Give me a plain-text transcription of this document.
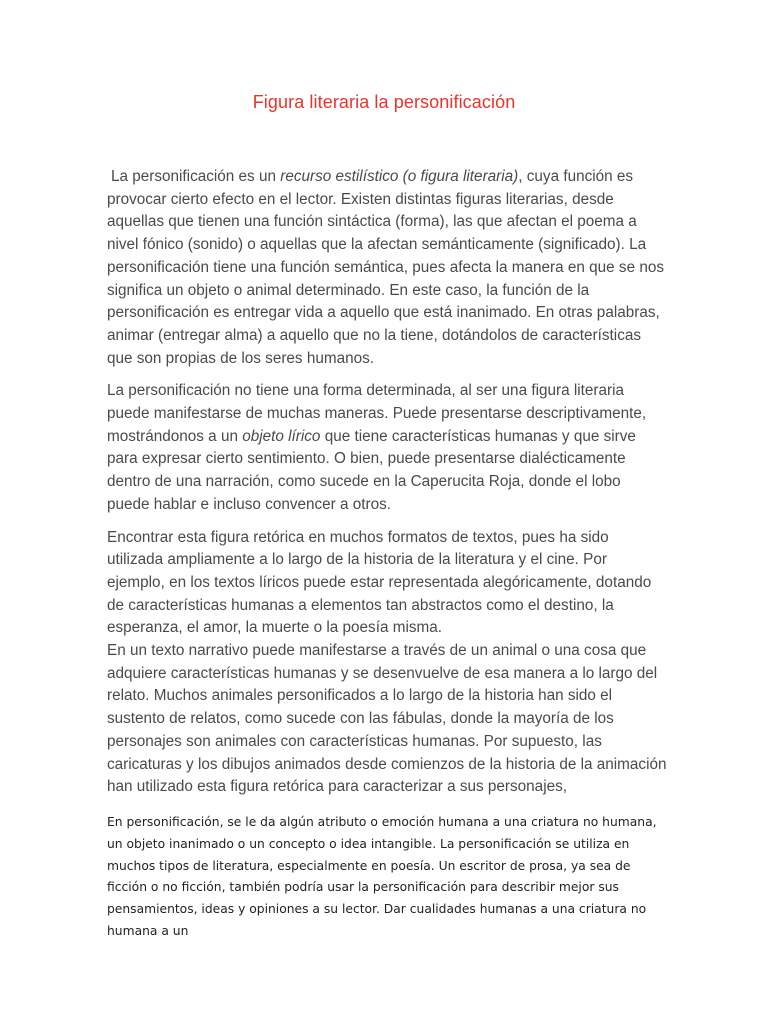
Figura literaria la personificación

La personificación es un recurso estilístico (o figura literaria), cuya función es provocar cierto efecto en el lector. Existen distintas figuras literarias, desde aquellas que tienen una función sintáctica (forma), las que afectan el poema a nivel fónico (sonido) o aquellas que la afectan semánticamente (significado). La personificación tiene una función semántica, pues afecta la manera en que se nos significa un objeto o animal determinado. En este caso, la función de la personificación es entregar vida a aquello que está inanimado. En otras palabras, animar (entregar alma) a aquello que no la tiene, dotándolos de características que son propias de los seres humanos.

La personificación no tiene una forma determinada, al ser una figura literaria puede manifestarse de muchas maneras. Puede presentarse descriptivamente, mostrándonos a un objeto lírico que tiene características humanas y que sirve para expresar cierto sentimiento. O bien, puede presentarse dialécticamente dentro de una narración, como sucede en la Caperucita Roja, donde el lobo puede hablar e incluso convencer a otros.

Encontrar esta figura retórica en muchos formatos de textos, pues ha sido utilizada ampliamente a lo largo de la historia de la literatura y el cine. Por ejemplo, en los textos líricos puede estar representada alegóricamente, dotando de características humanas a elementos tan abstractos como el destino, la esperanza, el amor, la muerte o la poesía misma.

En un texto narrativo puede manifestarse a través de un animal o una cosa que adquiere características humanas y se desenvuelve de esa manera a lo largo del relato. Muchos animales personificados a lo largo de la historia han sido el sustento de relatos, como sucede con las fábulas, donde la mayoría de los personajes son animales con características humanas. Por supuesto, las caricaturas y los dibujos animados desde comienzos de la historia de la animación han utilizado esta figura retórica para caracterizar a sus personajes,

En personificación, se le da algún atributo o emoción humana a una criatura no humana, un objeto inanimado o un concepto o idea intangible. La personificación se utiliza en muchos tipos de literatura, especialmente en poesía. Un escritor de prosa, ya sea de ficción o no ficción, también podría usar la personificación para describir mejor sus pensamientos, ideas y opiniones a su lector. Dar cualidades humanas a una criatura no humana a un
